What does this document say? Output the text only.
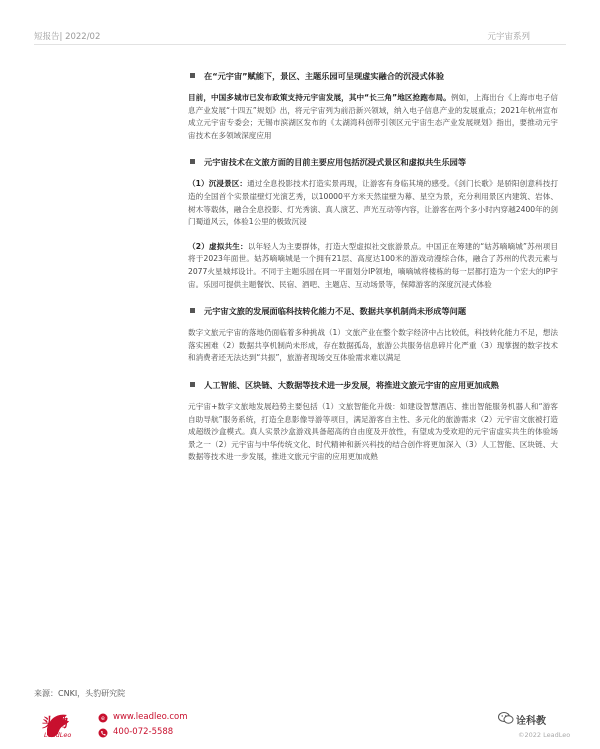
短报告| 2022/02	元宇宙系列
在“元宇宙”赋能下，景区、主题乐园可呈现虚实融合的沉浸式体验

目前，中国多城市已发布政策支持元宇宙发展，其中“长三角”地区抢跑布局。例如，上海出台《上海市电子信息产业发展“十四五”规划》出，将元宇宙列为前沿新兴领域，纳入电子信息产业的发展重点；2021年杭州宣布成立元宇宙专委会；无锡市滨湖区发布的《太湖湾科创带引领区元宇宙生态产业发展规划》指出，要推动元宇宙技术在多领域深度应用

元宇宙技术在文旅方面的目前主要应用包括沉浸式景区和虚拟共生乐园等

（1）沉浸景区：通过全息投影技术打造实景再现，让游客有身临其境的感受。《剑门长歌》是骄阳创意科技打造的全国首个实景崖壁灯光演艺秀，以10000平方米天然崖壁为幕、星空为景，充分利用景区内建筑、岩体、树木等载体，融合全息投影、灯光秀演、真人演艺、声光互动等内容，让游客在两个多小时内穿越2400年的剑门蜀道风云，体验1公里的极致沉浸

（2）虚拟共生：以年轻人为主要群体，打造大型虚拟社交旅游景点。中国正在筹建的“姑苏嘀嘀城”苏州项目将于2023年面世。姑苏嘀嘀城是一个拥有21层、高度达100米的游戏动漫综合体，融合了苏州的代表元素与2077火星城邦设计。不同于主题乐园在同一平面划分IP领地，嘀嘀城将楼栋的每一层都打造为一个宏大的IP宇宙。乐园可提供主题餐饮、民宿、酒吧、主题店、互动场景等，保障游客的深度沉浸式体验

元宇宙文旅的发展面临科技转化能力不足、数据共享机制尚未形成等问题

数字文旅元宇宙的落地仍面临着多种挑战（1）文旅产业在整个数字经济中占比较低，科技转化能力不足，想法落实困难（2）数据共享机制尚未形成，存在数据孤岛，旅游公共服务信息碎片化严重（3）现掌握的数字技术和消费者还无法达到“共振”，旅游者现场交互体验需求难以满足

人工智能、区块链、大数据等技术进一步发展，将推进文旅元宇宙的应用更加成熟

元宇宙+数字文旅地发展趋势主要包括（1）文旅智能化升级：如建设智慧酒店、推出智能服务机器人和“游客自助导航”服务系统，打造全息影像导游等项目，满足游客自主性、多元化的旅游需求（2）元宇宙文旅被打造成超级沙盒模式。真人实景沙盒游戏具备超高的自由度及开放性，有望成为受欢迎的元宇宙虚实共生的体验场景之一（2）元宇宙与中华传统文化、时代精神和新兴科技的结合创作将更加深入（3）人工智能、区块链、大数据等技术进一步发展，推进文旅元宇宙的应用更加成熟

来源：CNKI，头豹研究院
头豹
LeadLeo
e www.leadleo.com
400-072-5588
诠科教
©2022 LeadLeo
